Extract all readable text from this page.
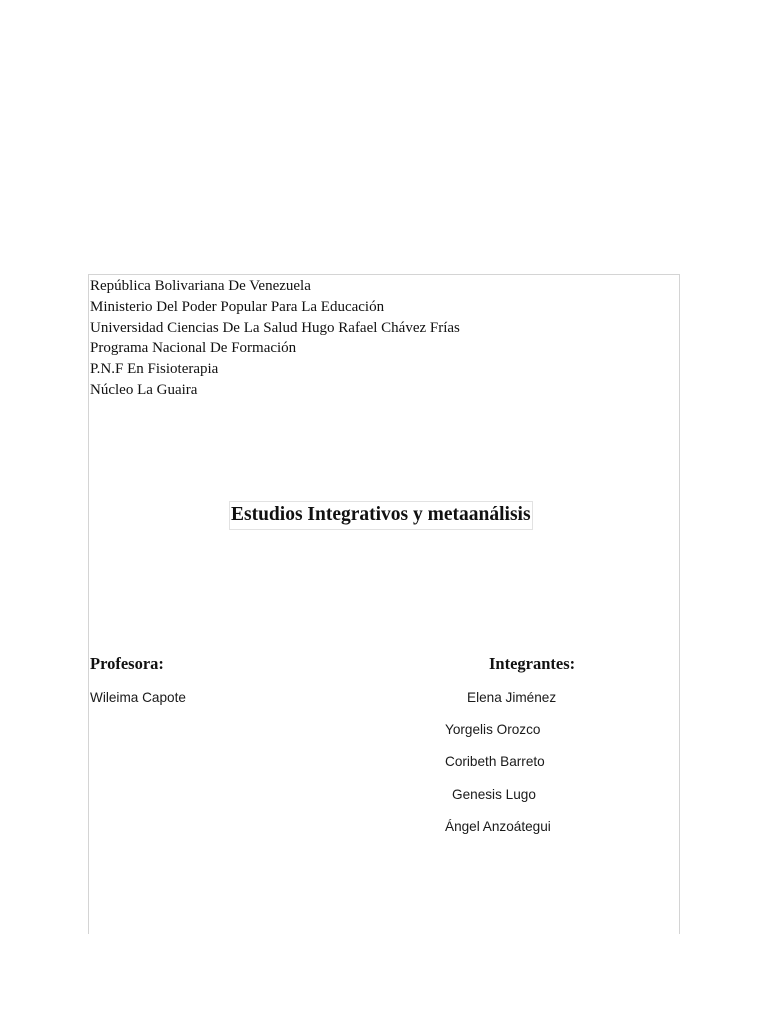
República Bolivariana De Venezuela
Ministerio Del Poder Popular Para La Educación
Universidad Ciencias De La Salud Hugo Rafael Chávez Frías
Programa Nacional De Formación
P.N.F En Fisioterapia
Núcleo La Guaira
Estudios Integrativos y metaanálisis
Profesora:
Wileima Capote
Integrantes:
Elena Jiménez
Yorgelis Orozco
Coribeth Barreto
Genesis Lugo
Ángel Anzoátegui
